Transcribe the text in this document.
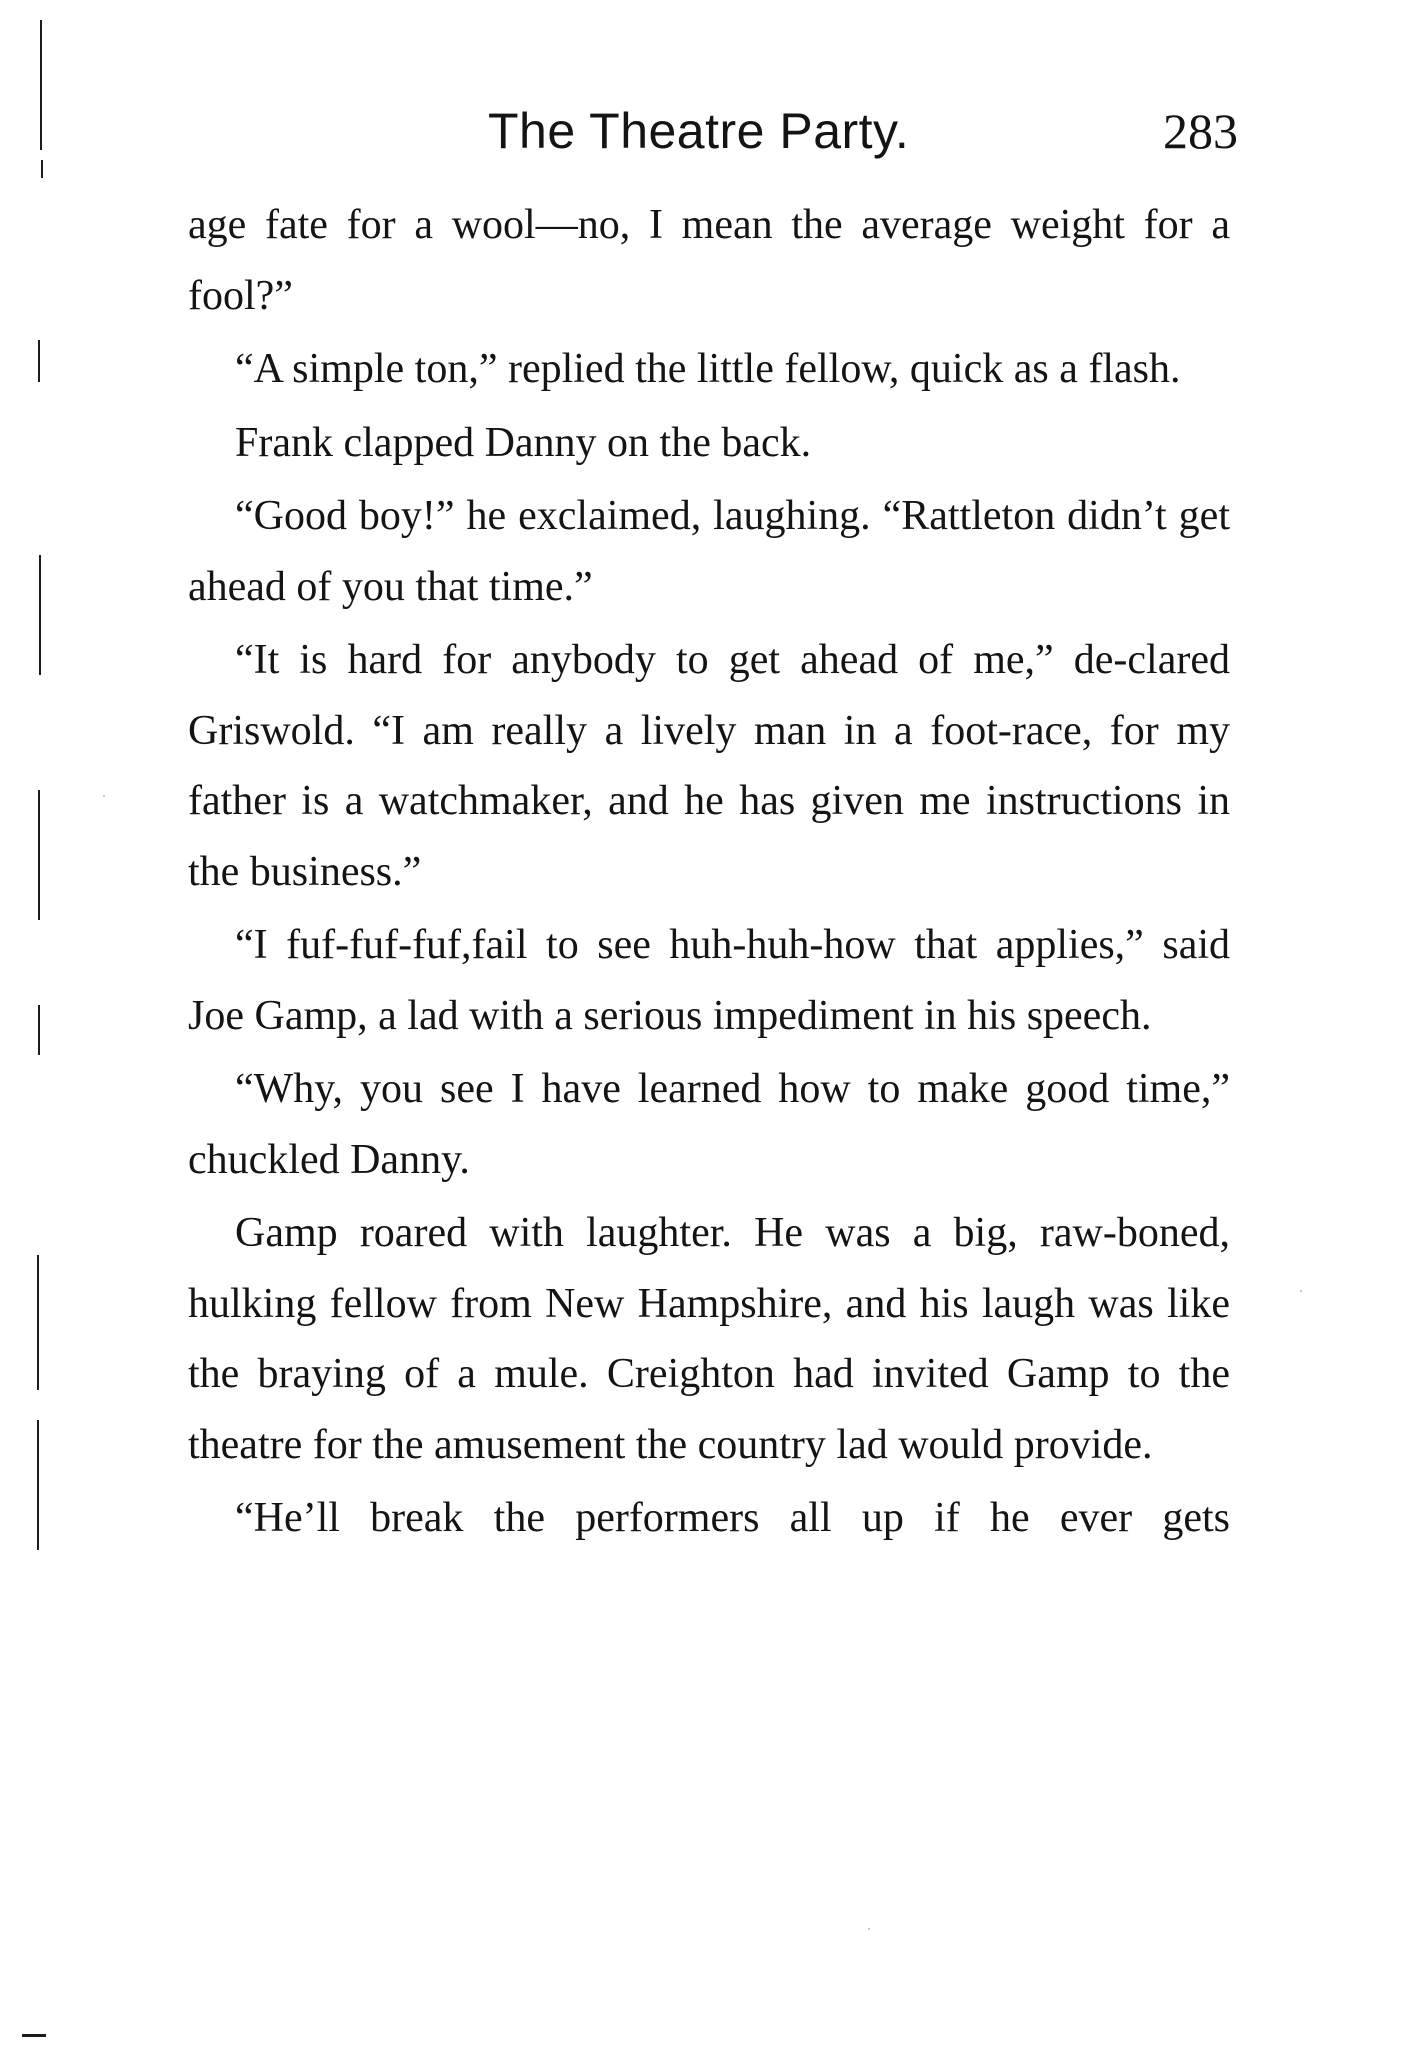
The Theatre Party.	283

age fate for a wool—no, I mean the average weight for a fool?”

“A simple ton,” replied the little fellow, quick as a flash.

Frank clapped Danny on the back.

“Good boy!” he exclaimed, laughing. “Rattleton didn’t get ahead of you that time.”

“It is hard for anybody to get ahead of me,” de-clared Griswold. “I am really a lively man in a foot-race, for my father is a watchmaker, and he has given me instructions in the business.”

“I fuf-fuf-fuf,fail to see huh-huh-how that applies,” said Joe Gamp, a lad with a serious impediment in his speech.

“Why, you see I have learned how to make good time,” chuckled Danny.

Gamp roared with laughter. He was a big, raw-boned, hulking fellow from New Hampshire, and his laugh was like the braying of a mule. Creighton had invited Gamp to the theatre for the amusement the country lad would provide.

“He’ll break the performers all up if he ever gets
